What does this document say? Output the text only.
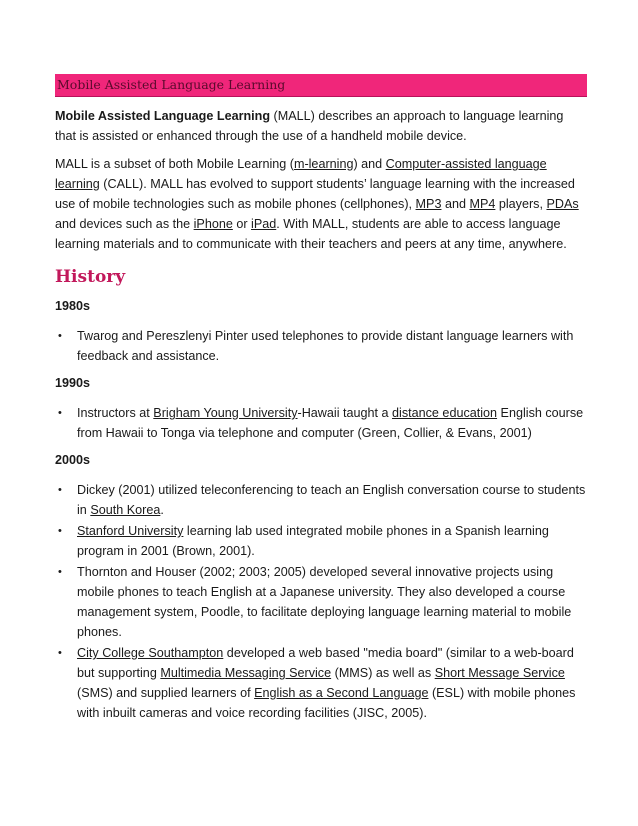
Mobile Assisted Language Learning

Mobile Assisted Language Learning (MALL) describes an approach to language learning that is assisted or enhanced through the use of a handheld mobile device.

MALL is a subset of both Mobile Learning (m-learning) and Computer-assisted language learning (CALL). MALL has evolved to support students’ language learning with the increased use of mobile technologies such as mobile phones (cellphones), MP3 and MP4 players, PDAs and devices such as the iPhone or iPad. With MALL, students are able to access language learning materials and to communicate with their teachers and peers at any time, anywhere.

History
1980s
• Twarog and Pereszlenyi Pinter used telephones to provide distant language learners with feedback and assistance.
1990s
• Instructors at Brigham Young University-Hawaii taught a distance education English course from Hawaii to Tonga via telephone and computer (Green, Collier, & Evans, 2001)
2000s
• Dickey (2001) utilized teleconferencing to teach an English conversation course to students in South Korea.
• Stanford University learning lab used integrated mobile phones in a Spanish learning program in 2001 (Brown, 2001).
• Thornton and Houser (2002; 2003; 2005) developed several innovative projects using mobile phones to teach English at a Japanese university. They also developed a course management system, Poodle, to facilitate deploying language learning material to mobile phones.
• City College Southampton developed a web based "media board" (similar to a web-board but supporting Multimedia Messaging Service (MMS) as well as Short Message Service (SMS) and supplied learners of English as a Second Language (ESL) with mobile phones with inbuilt cameras and voice recording facilities (JISC, 2005).
